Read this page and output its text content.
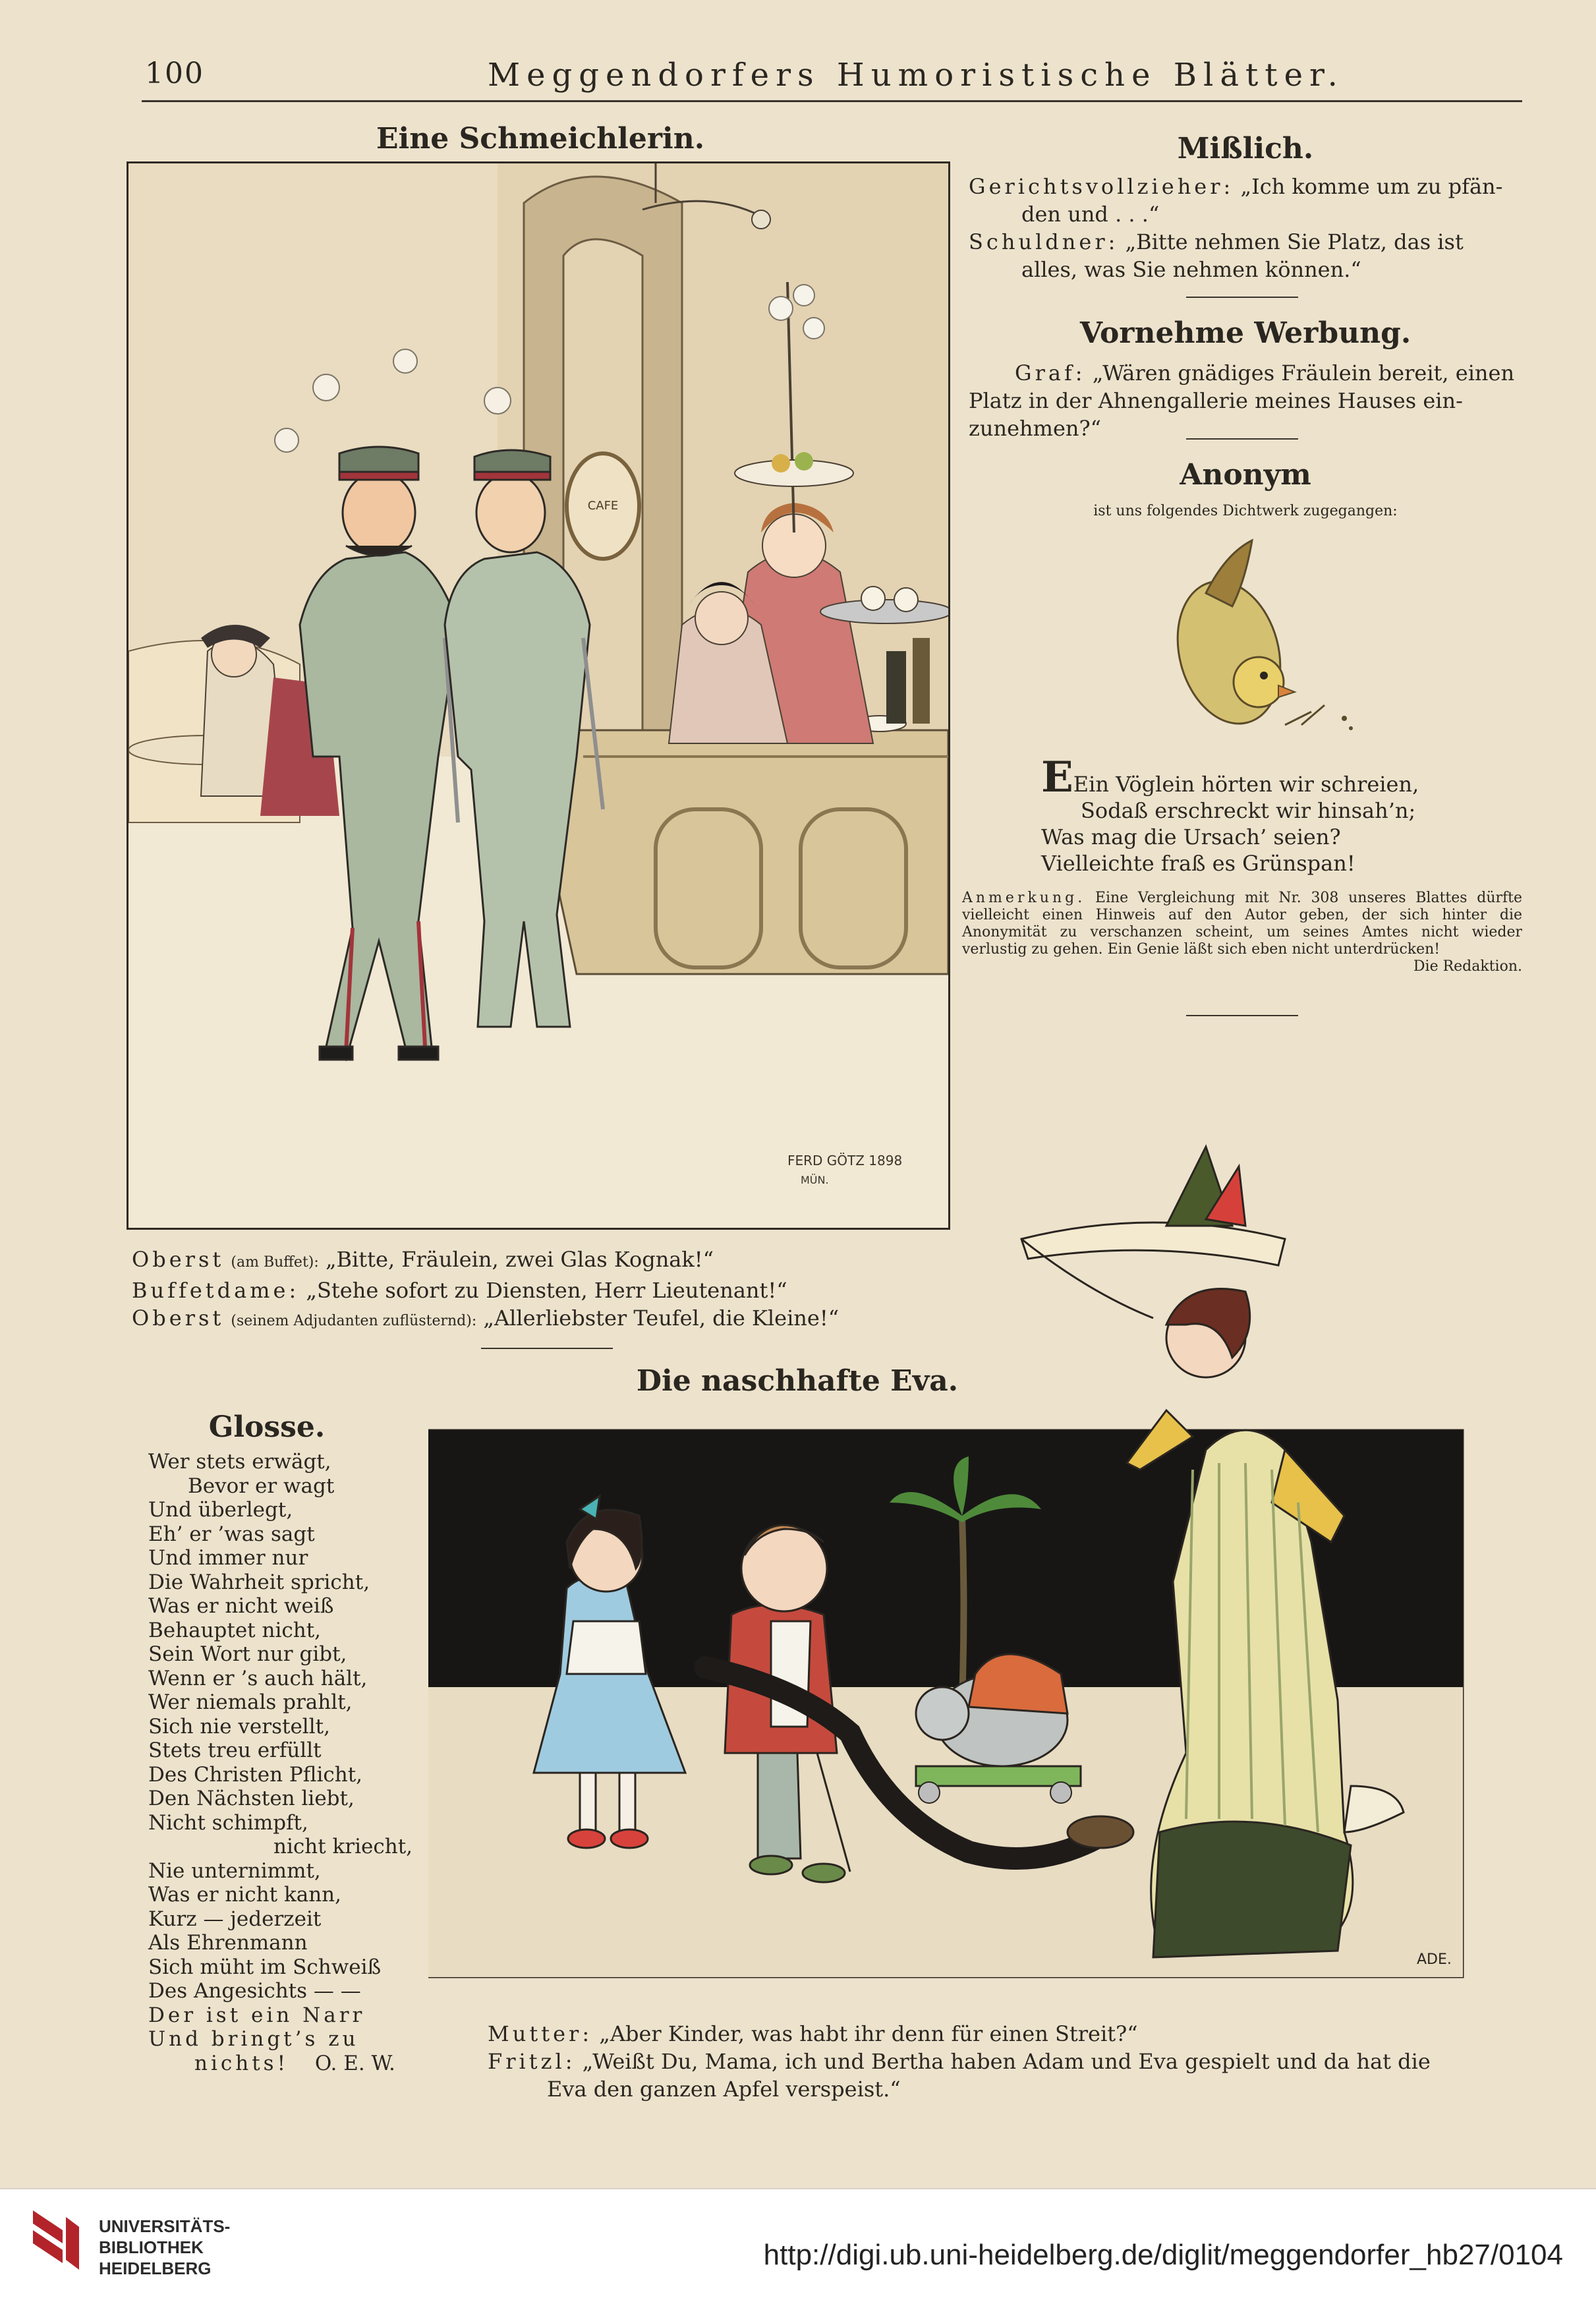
100	Meggendorfers Humoristische Blätter.
Eine Schmeichlerin.
CAFE
FERD GÖTZ 1898
MÜN.
Oberst (am Buffet): „Bitte, Fräulein, zwei Glas Kognak!“
Buffetdame: „Stehe sofort zu Diensten, Herr Lieutenant!“
Oberst (seinem Adjudanten zuflüsternd): „Allerliebster Teufel, die Kleine!“
Mißlich.
Gerichtsvollzieher: „Ich komme um zu pfän-
den und . . .“
Schuldner: „Bitte nehmen Sie Platz, das ist
alles, was Sie nehmen können.“
Vornehme Werbung.
Graf: „Wären gnädiges Fräulein bereit, einen
Platz in der Ahnengallerie meines Hauses ein-
zunehmen?“
Anonym
ist uns folgendes Dichtwerk zugegangen:
EEin Vöglein hörten wir schreien,
Sodaß erschreckt wir hinsah’n;
Was mag die Ursach’ seien?
Vielleichte fraß es Grünspan!
Anmerkung. Eine Vergleichung mit Nr. 308 unseres Blattes dürfte vielleicht einen Hinweis auf den Autor geben, der sich hinter die Anonymität zu verschanzen scheint, um seines Amtes nicht wieder verlustig zu gehen. Ein Genie läßt sich eben nicht unterdrücken!
Die Redaktion.
Die naschhafte Eva.
Glosse.
Wer stets erwägt,
Bevor er wagt
Und überlegt,
Eh’ er ’was sagt
Und immer nur
Die Wahrheit spricht,
Was er nicht weiß
Behauptet nicht,
Sein Wort nur gibt,
Wenn er ’s auch hält,
Wer niemals prahlt,
Sich nie verstellt,
Stets treu erfüllt
Des Christen Pflicht,
Den Nächsten liebt,
Nicht schimpft,
nicht kriecht,
Nie unternimmt,
Was er nicht kann,
Kurz — jederzeit
Als Ehrenmann
Sich müht im Schweiß
Des Angesichts — —
Der ist ein Narr
Und bringt’s zu
nichts! O. E. W.
ADE.
Mutter: „Aber Kinder, was habt ihr denn für einen Streit?“
Fritzl: „Weißt Du, Mama, ich und Bertha haben Adam und Eva gespielt und da hat die
Eva den ganzen Apfel verspeist.“
UNIVERSITÄTS-
BIBLIOTHEK
HEIDELBERG	http://digi.ub.uni-heidelberg.de/diglit/meggendorfer_hb27/0104
